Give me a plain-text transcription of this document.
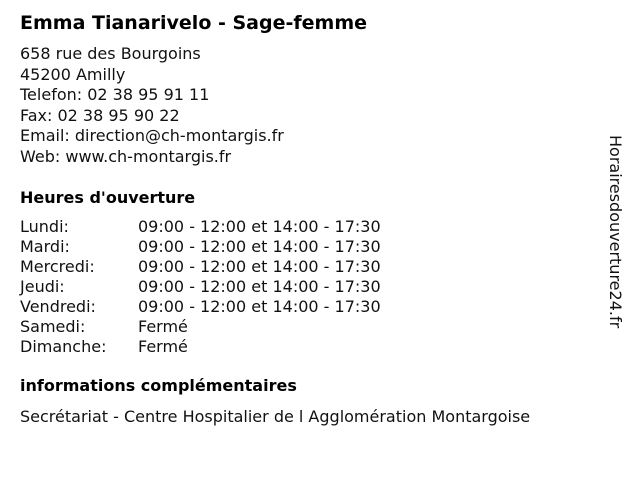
Emma Tianarivelo - Sage-femme
658 rue des Bourgoins
45200 Amilly
Telefon: 02 38 95 91 11
Fax: 02 38 95 90 22
Email: direction@ch-montargis.fr
Web: www.ch-montargis.fr
Heures d'ouverture
Lundi:	09:00 - 12:00 et 14:00 - 17:30
Mardi:	09:00 - 12:00 et 14:00 - 17:30
Mercredi:	09:00 - 12:00 et 14:00 - 17:30
Jeudi:	09:00 - 12:00 et 14:00 - 17:30
Vendredi:	09:00 - 12:00 et 14:00 - 17:30
Samedi:	Fermé
Dimanche:	Fermé
informations complémentaires
Secrétariat - Centre Hospitalier de l Agglomération Montargoise
Horairesdouverture24.fr
